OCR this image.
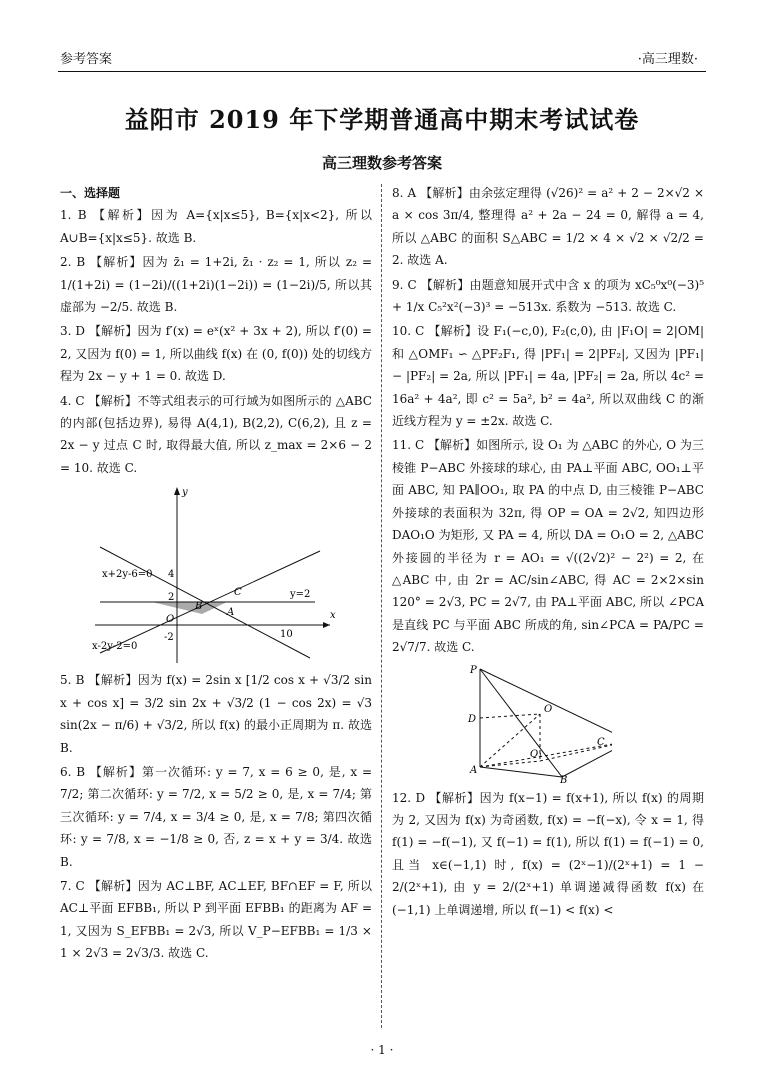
参考答案	·高三理数·
益阳市 2019 年下学期普通高中期末考试试卷
高三理数参考答案
一、选择题

1. B 【解析】因为 A={x|x≤5}, B={x|x<2}, 所以 A∪B={x|x≤5}. 故选 B.

2. B 【解析】因为 z̄₁ = 1+2i, z̄₁ · z₂ = 1, 所以 z₂ = 1/(1+2i) = (1−2i)/((1+2i)(1−2i)) = (1−2i)/5, 所以其虚部为 −2/5. 故选 B.

3. D 【解析】因为 f′(x) = eˣ(x² + 3x + 2), 所以 f′(0) = 2, 又因为 f(0) = 1, 所以曲线 f(x) 在 (0, f(0)) 处的切线方程为 2x − y + 1 = 0. 故选 D.

4. C 【解析】不等式组表示的可行域为如图所示的 △ABC 的内部(包括边界), 易得 A(4,1), B(2,2), C(6,2), 且 z = 2x − y 过点 C 时, 取得最大值, 所以 z_max = 2×6 − 2 = 10. 故选 C.

x+2y-6=0
x-2y-2=0
y=2
x
y
O
4
2
-2	10
A
B
C

5. B 【解析】因为 f(x) = 2sin x [1/2 cos x + √3/2 sin x + cos x] = 3/2 sin 2x + √3/2 (1 − cos 2x) = √3 sin(2x − π/6) + √3/2, 所以 f(x) 的最小正周期为 π. 故选 B.

6. B 【解析】第一次循环: y = 7, x = 6 ≥ 0, 是, x = 7/2; 第二次循环: y = 7/2, x = 5/2 ≥ 0, 是, x = 7/4; 第三次循环: y = 7/4, x = 3/4 ≥ 0, 是, x = 7/8; 第四次循环: y = 7/8, x = −1/8 ≥ 0, 否, z = x + y = 3/4. 故选 B.

7. C 【解析】因为 AC⊥BF, AC⊥EF, BF∩EF = F, 所以 AC⊥平面 EFBB₁, 所以 P 到平面 EFBB₁ 的距离为 AF = 1, 又因为 S_EFBB₁ = 2√3, 所以 V_P−EFBB₁ = 1/3 × 1 × 2√3 = 2√3/3. 故选 C.

8. A 【解析】由余弦定理得 (√26)² = a² + 2 − 2×√2 × a × cos 3π/4, 整理得 a² + 2a − 24 = 0, 解得 a = 4, 所以 △ABC 的面积 S△ABC = 1/2 × 4 × √2 × √2/2 = 2. 故选 A.

9. C 【解析】由题意知展开式中含 x 的项为 xC₅⁰x⁰(−3)⁵ + 1/x C₅²x²(−3)³ = −513x. 系数为 −513. 故选 C.

10. C 【解析】设 F₁(−c,0), F₂(c,0), 由 |F₁O| = 2|OM| 和 △OMF₁ ∽ △PF₂F₁, 得 |PF₁| = 2|PF₂|, 又因为 |PF₁| − |PF₂| = 2a, 所以 |PF₁| = 4a, |PF₂| = 2a, 所以 4c² = 16a² + 4a², 即 c² = 5a², b² = 4a², 所以双曲线 C 的渐近线方程为 y = ±2x. 故选 C.

11. C 【解析】如图所示, 设 O₁ 为 △ABC 的外心, O 为三棱锥 P−ABC 外接球的球心, 由 PA⊥平面 ABC, OO₁⊥平面 ABC, 知 PA∥OO₁, 取 PA 的中点 D, 由三棱锥 P−ABC 外接球的表面积为 32π, 得 OP = OA = 2√2, 知四边形 DAO₁O 为矩形, 又 PA = 4, 所以 DA = O₁O = 2, △ABC 外接圆的半径为 r = AO₁ = √((2√2)² − 2²) = 2, 在 △ABC 中, 由 2r = AC/sin∠ABC, 得 AC = 2×2×sin 120° = 2√3, PC = 2√7, 由 PA⊥平面 ABC, 所以 ∠PCA 是直线 PC 与平面 ABC 所成的角, sin∠PCA = PA/PC = 2√7/7. 故选 C.

P
D
O
O₁
A
B
C

12. D 【解析】因为 f(x−1) = f(x+1), 所以 f(x) 的周期为 2, 又因为 f(x) 为奇函数, f(x) = −f(−x), 令 x = 1, 得 f(1) = −f(−1), 又 f(−1) = f(1), 所以 f(1) = f(−1) = 0, 且当 x∈(−1,1) 时, f(x) = (2ˣ−1)/(2ˣ+1) = 1 − 2/(2ˣ+1), 由 y = 2/(2ˣ+1) 单调递减得函数 f(x) 在 (−1,1) 上单调递增, 所以 f(−1) < f(x) <

· 1 ·
